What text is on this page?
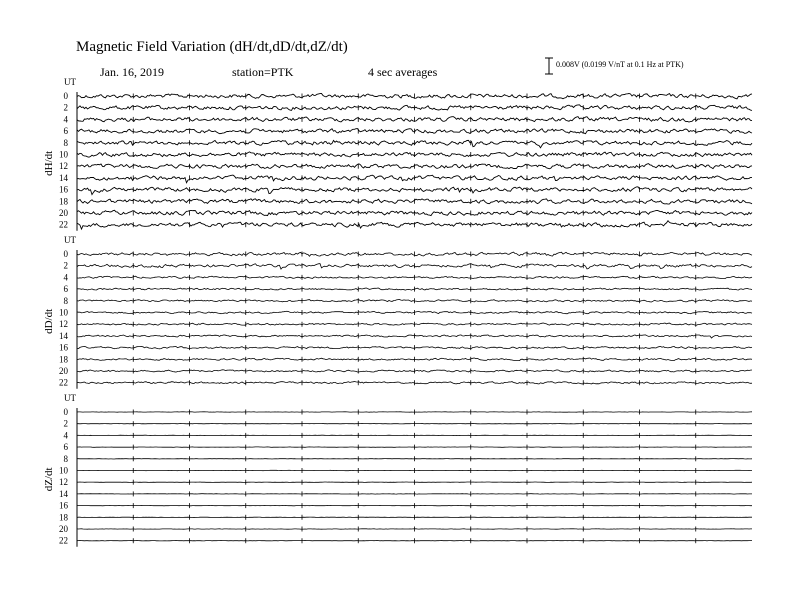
Magnetic Field Variation (dH/dt,dD/dt,dZ/dt)
Jan. 16, 2019	station=PTK	4 sec averages
0.008V (0.0199 V/nT at 0.1 Hz at PTK)
UT
dH/dt
0
2
4
6
8
10
12
14
16
18
20
22
UT
dD/dt
0
2
4
6
8
10
12
14
16
18
20
22
UT
dZ/dt
0
2
4
6
8
10
12
14
16
18
20
22
